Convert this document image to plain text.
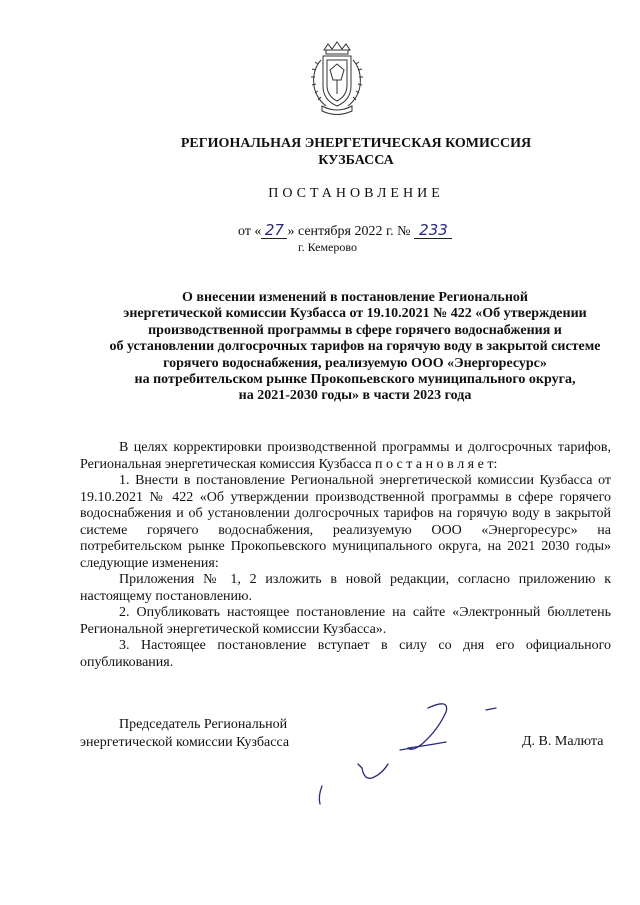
РЕГИОНАЛЬНАЯ ЭНЕРГЕТИЧЕСКАЯ КОМИССИЯ
КУЗБАССА
ПОСТАНОВЛЕНИЕ
от « 27 » сентября 2022 г. № 233
г. Кемерово
О внесении изменений в постановление Региональной
энергетической комиссии Кузбасса от 19.10.2021 № 422 «Об утверждении
производственной программы в сфере горячего водоснабжения и
об установлении долгосрочных тарифов на горячую воду в закрытой системе
горячего водоснабжения, реализуемую ООО «Энергоресурс»
на потребительском рынке Прокопьевского муниципального округа,
на 2021-2030 годы» в части 2023 года

В целях корректировки производственной программы и долгосрочных тарифов, Региональная энергетическая комиссия Кузбасса п о с т а н о в л я е т:

1. Внести в постановление Региональной энергетической комиссии Кузбасса от 19.10.2021 № 422 «Об утверждении производственной программы в сфере горячего водоснабжения и об установлении долгосрочных тарифов на горячую воду в закрытой системе горячего водоснабжения, реализуемую ООО «Энергоресурс» на потребительском рынке Прокопьевского муниципального округа, на 2021 2030 годы» следующие изменения:

Приложения № 1, 2 изложить в новой редакции, согласно приложению к настоящему постановлению.

2. Опубликовать настоящее постановление на сайте «Электронный бюллетень Региональной энергетической комиссии Кузбасса».

3. Настоящее постановление вступает в силу со дня его официального опубликования.

Председатель Региональной
энергетической комиссии Кузбасса	Д. В. Малюта
